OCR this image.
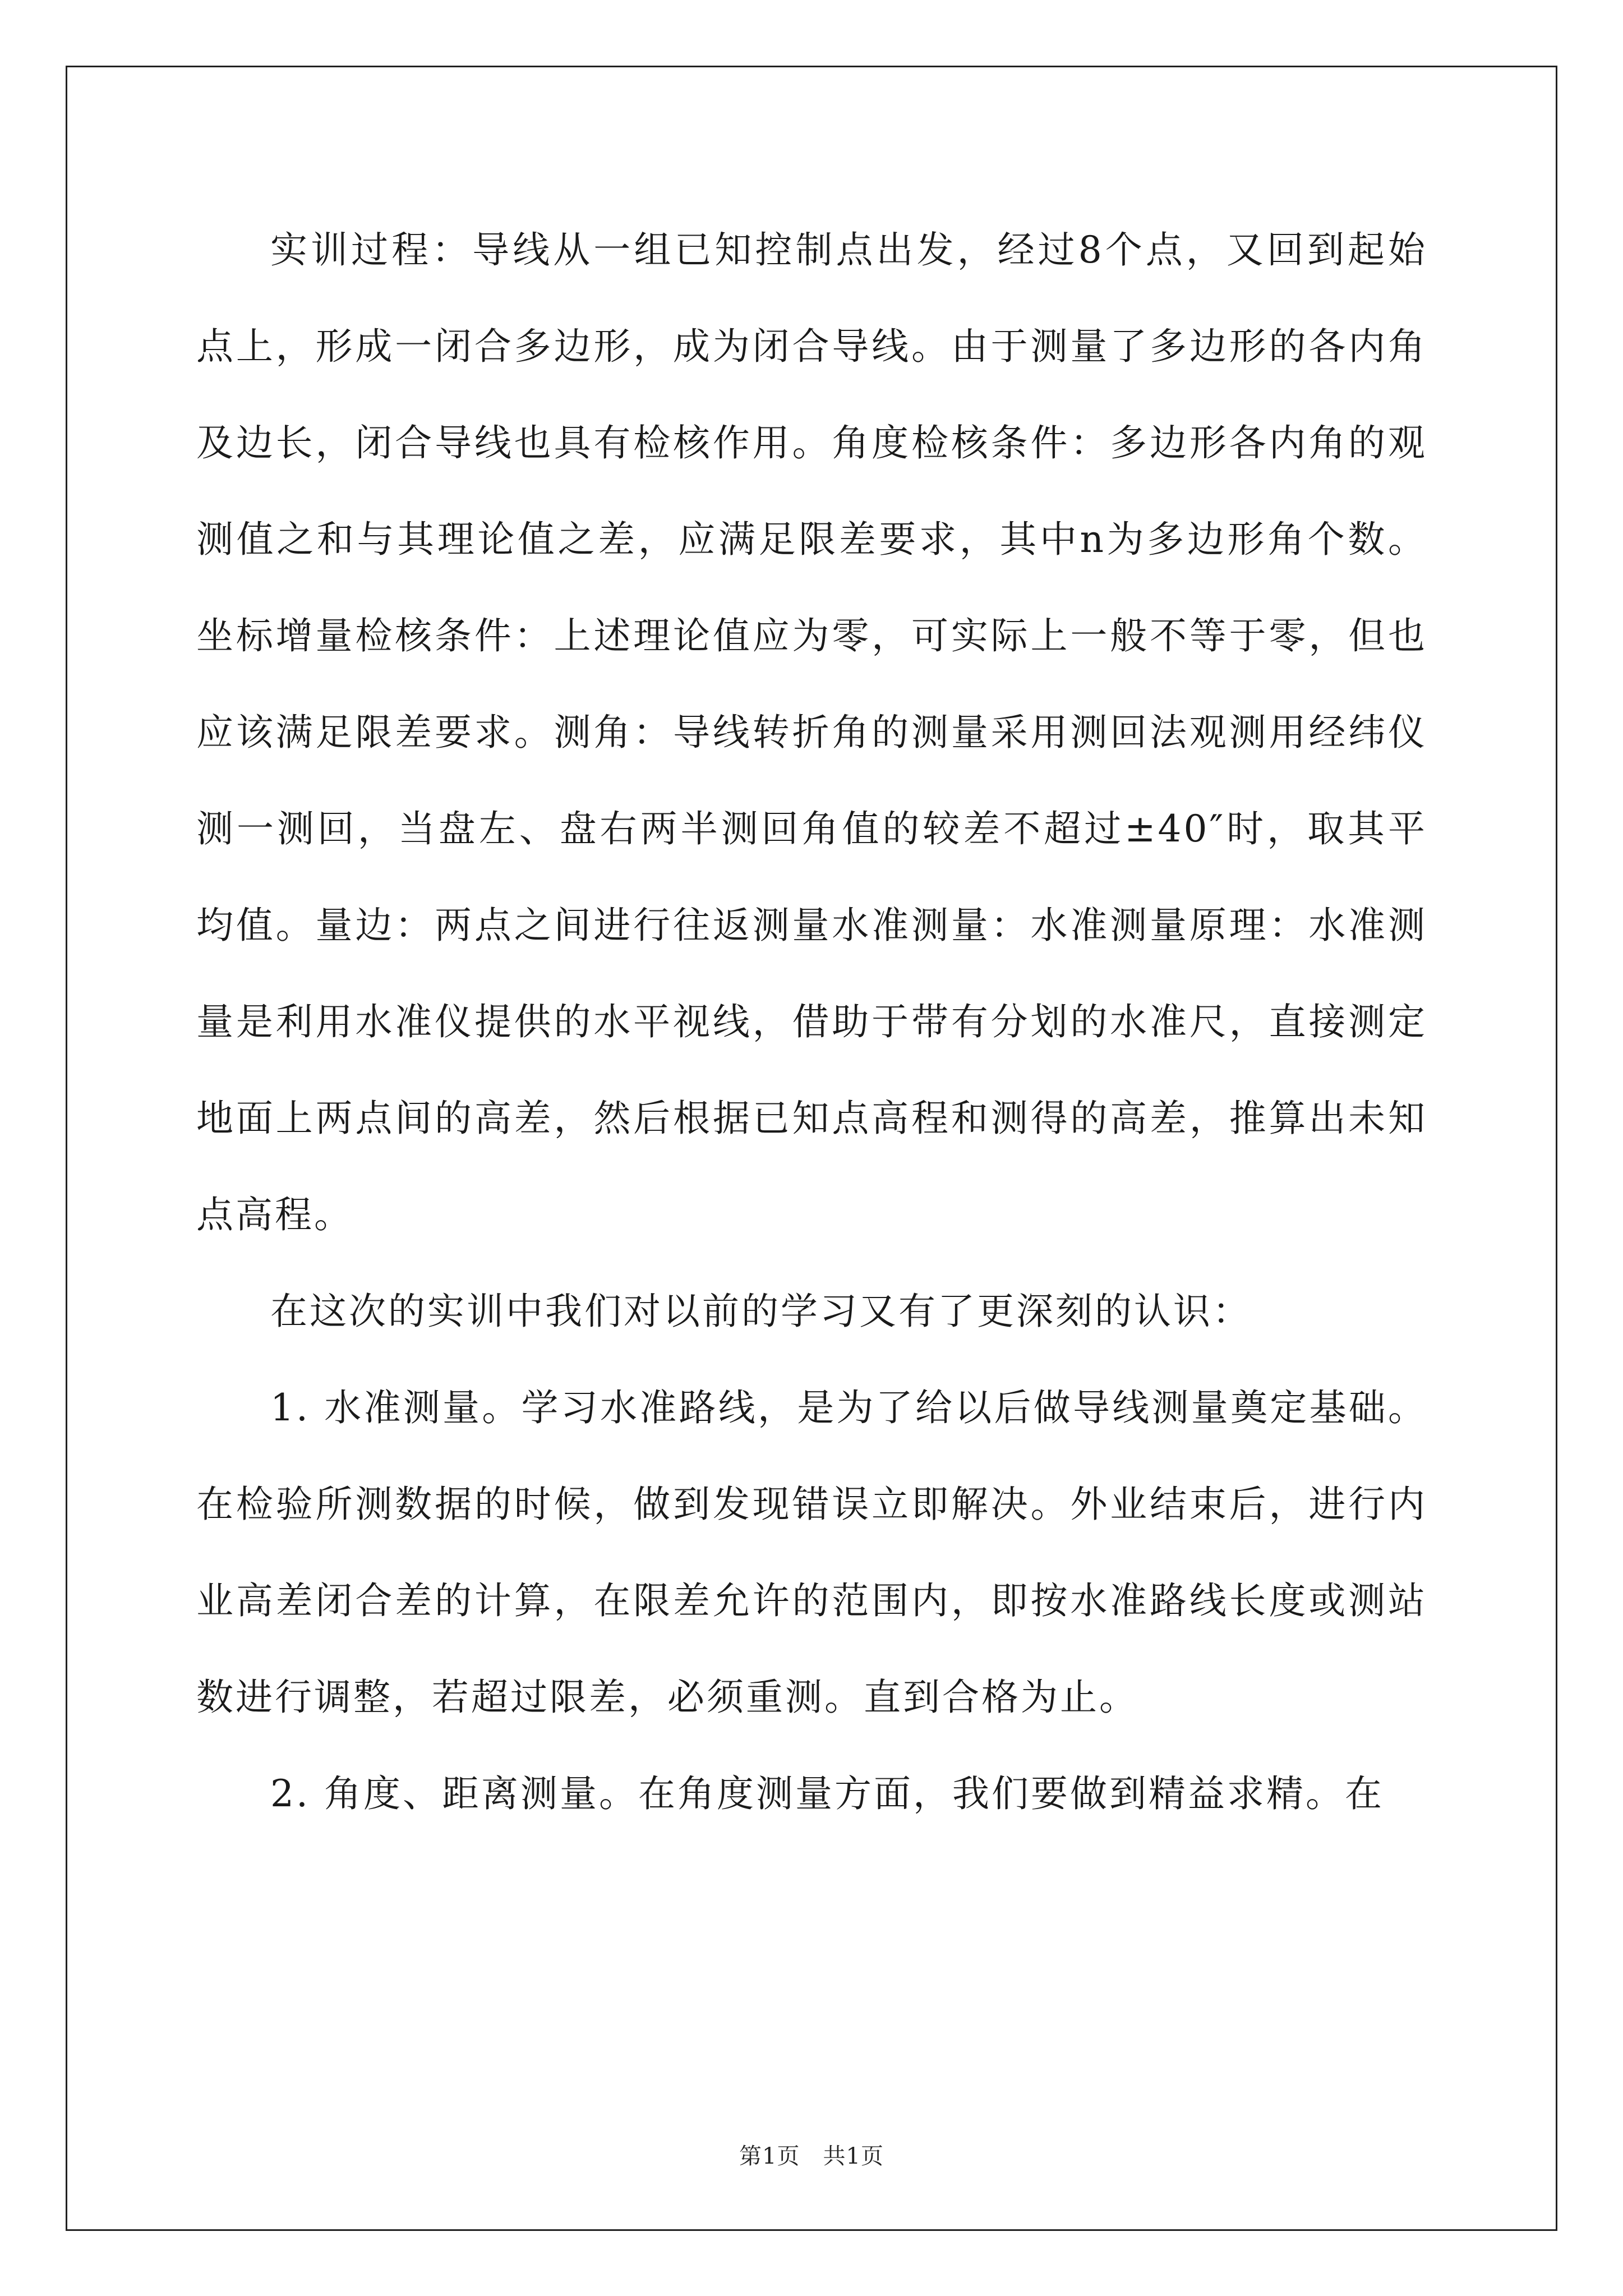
实训过程：导线从一组已知控制点出发，经过8个点，又回到起始点上，形成一闭合多边形，成为闭合导线。由于测量了多边形的各内角及边长，闭合导线也具有检核作用。角度检核条件：多边形各内角的观测值之和与其理论值之差，应满足限差要求，其中n为多边形角个数。坐标增量检核条件：上述理论值应为零，可实际上一般不等于零，但也应该满足限差要求。测角：导线转折角的测量采用测回法观测用经纬仪测一测回，当盘左、盘右两半测回角值的较差不超过±40″时，取其平均值。量边：两点之间进行往返测量水准测量：水准测量原理：水准测量是利用水准仪提供的水平视线，借助于带有分划的水准尺，直接测定地面上两点间的高差，然后根据已知点高程和测得的高差，推算出未知点高程。

在这次的实训中我们对以前的学习又有了更深刻的认识：

1. 水准测量。学习水准路线，是为了给以后做导线测量奠定基础。在检验所测数据的时候，做到发现错误立即解决。外业结束后，进行内业高差闭合差的计算，在限差允许的范围内，即按水准路线长度或测站数进行调整，若超过限差，必须重测。直到合格为止。

2. 角度、距离测量。在角度测量方面，我们要做到精益求精。在

第1页　共1页
